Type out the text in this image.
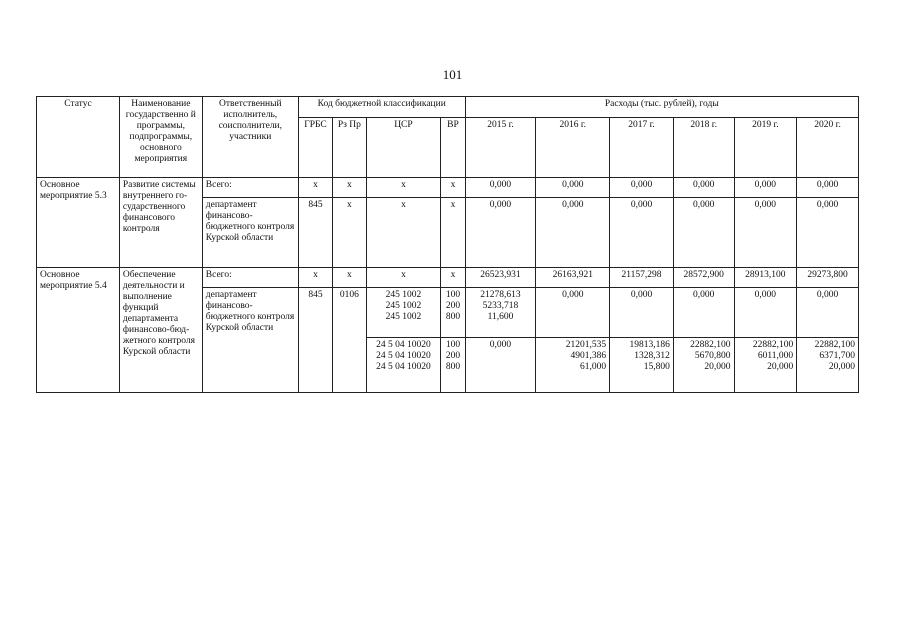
101
Статус	Наименование государственно й программы, подпрограммы, основного мероприятия	Ответственный исполнитель, соисполнители, участники	Код бюджетной классификации				Расходы (тыс. рублей), годы					
			ГРБС	Рз Пр	ЦСР	ВР	2015 г.	2016 г.	2017 г.	2018 г.	2019 г.	2020 г.
Основное мероприятие 5.3	Развитие системы внутреннего го-сударственного финансового контроля	Всего:	х	х	х	х	0,000	0,000	0,000	0,000	0,000	0,000
		департамент финансово-бюджетного контроля Курской области	845	х	х	х	0,000	0,000	0,000	0,000	0,000	0,000
Основное мероприятие 5.4	Обеспечение деятельности и выполнение функций департамента финансово-бюд-жетного контроля Курской области	Всего:	х	х	х	х	26523,931	26163,921	21157,298	28572,900	28913,100	29273,800
		департамент финансово-бюджетного контроля Курской области	845	0106	245 1002
245 1002
245 1002	100
200
800	21278,613
5233,718
11,600	0,000	0,000	0,000	0,000	0,000

					24 5 04 10020
24 5 04 10020
24 5 04 10020	100
200
800	0,000	21201,535
4901,386
61,000	19813,186
1328,312
15,800	22882,100
5670,800
20,000	22882,100
6011,000
20,000	22882,100
6371,700
20,000
